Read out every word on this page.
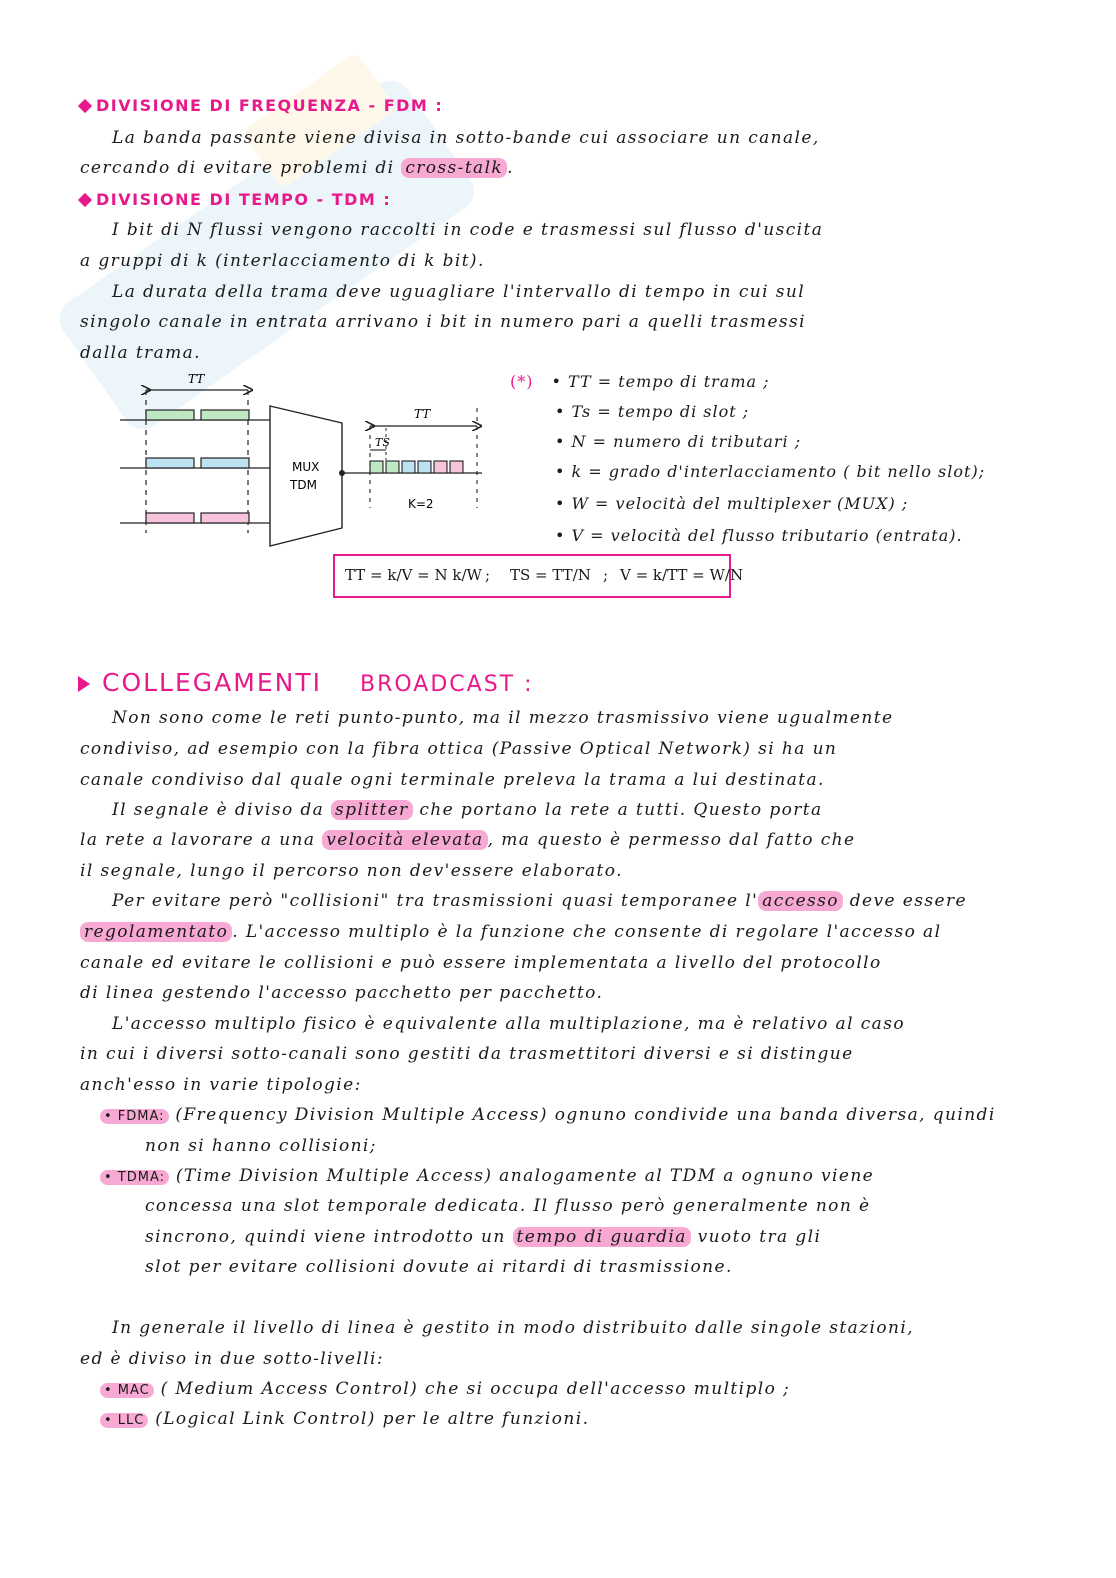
DIVISIONE DI FREQUENZA - FDM :
La banda passante viene divisa in sotto-bande cui associare un canale,
cercando di evitare problemi di cross-talk .
DIVISIONE DI TEMPO - TDM :
I bit di N flussi vengono raccolti in code e trasmessi sul flusso d'uscita
a gruppi di k (interlacciamento di k bit).
La durata della trama deve uguagliare l'intervallo di tempo in cui sul
singolo canale in entrata arrivano i bit in numero pari a quelli trasmessi
dalla trama.
TT
MUX
TDM
TT
TS
K=2
(*) • TT = tempo di trama ;
• Ts = tempo di slot ;
• N = numero di tributari ;
• k = grado d'interlacciamento ( bit nello slot);
• W = velocità del multiplexer (MUX) ;
• V = velocità del flusso tributario (entrata).
TT = k/V = N k/W ; TS = TT/N ; V = k/TT = W/N
COLLEGAMENTI BROADCAST :
Non sono come le reti punto-punto, ma il mezzo trasmissivo viene ugualmente
condiviso, ad esempio con la fibra ottica (Passive Optical Network) si ha un
canale condiviso dal quale ogni terminale preleva la trama a lui destinata.
Il segnale è diviso da splitter che portano la rete a tutti. Questo porta
la rete a lavorare a una velocità elevata , ma questo è permesso dal fatto che
il segnale, lungo il percorso non dev'essere elaborato.
Per evitare però "collisioni" tra trasmissioni quasi temporanee l' accesso deve essere
regolamentato . L'accesso multiplo è la funzione che consente di regolare l'accesso al
canale ed evitare le collisioni e può essere implementata a livello del protocollo
di linea gestendo l'accesso pacchetto per pacchetto.
L'accesso multiplo fisico è equivalente alla multiplazione, ma è relativo al caso
in cui i diversi sotto-canali sono gestiti da trasmettitori diversi e si distingue
anch'esso in varie tipologie:
• FDMA: (Frequency Division Multiple Access) ognuno condivide una banda diversa, quindi
non si hanno collisioni;
• TDMA: (Time Division Multiple Access) analogamente al TDM a ognuno viene
concessa una slot temporale dedicata. Il flusso però generalmente non è
sincrono, quindi viene introdotto un tempo di guardia vuoto tra gli
slot per evitare collisioni dovute ai ritardi di trasmissione.
In generale il livello di linea è gestito in modo distribuito dalle singole stazioni,
ed è diviso in due sotto-livelli:
• MAC ( Medium Access Control) che si occupa dell'accesso multiplo ;
• LLC (Logical Link Control) per le altre funzioni.
